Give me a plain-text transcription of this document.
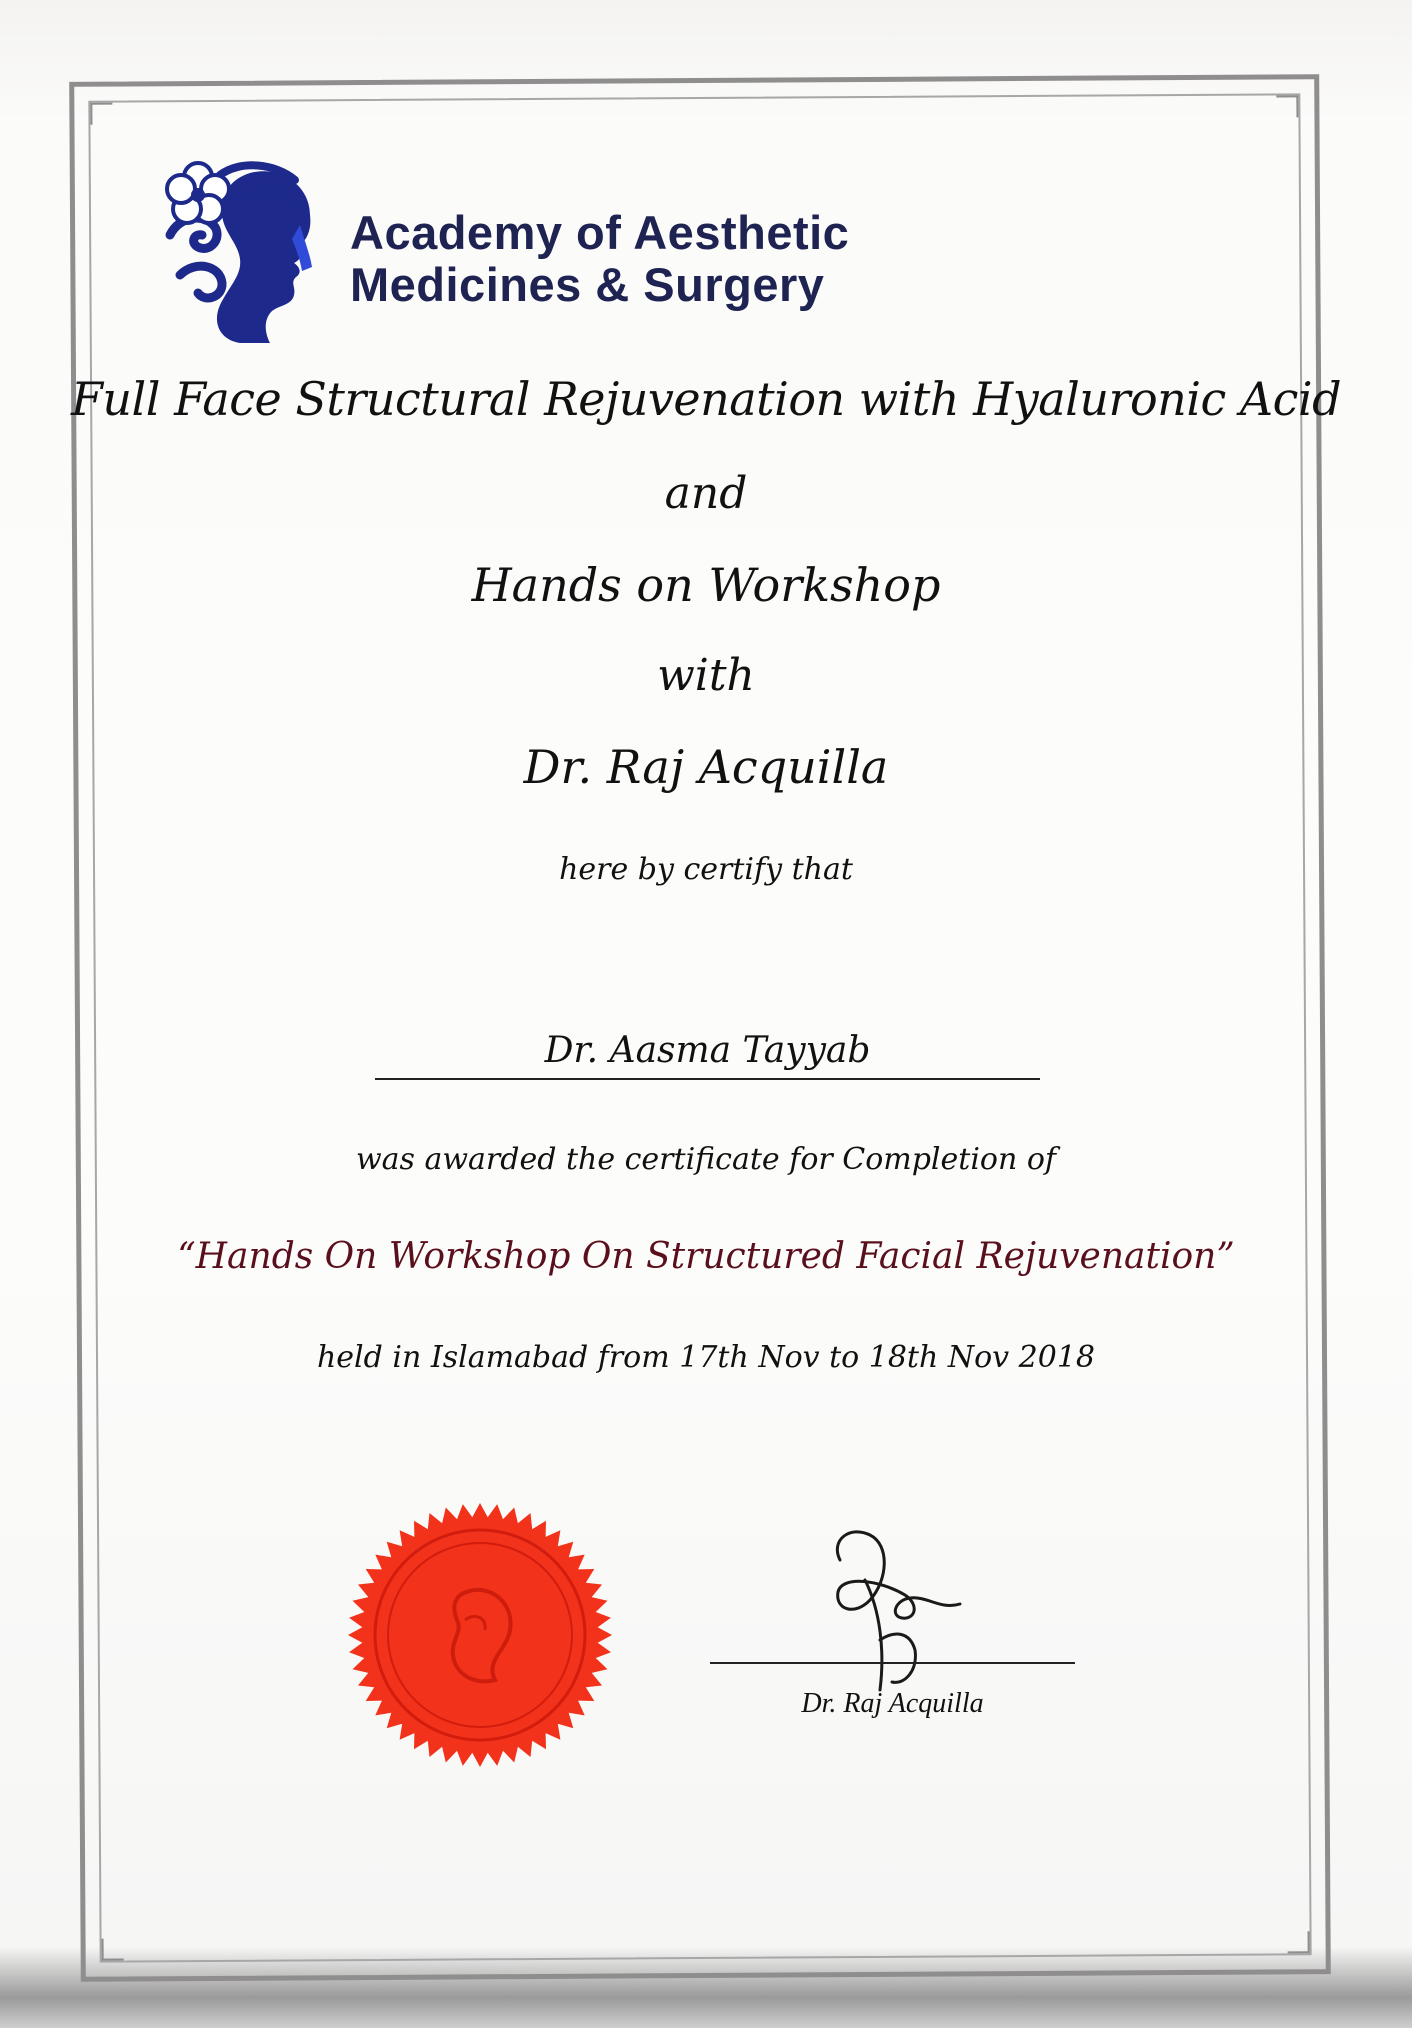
Academy of Aesthetic
Medicines & Surgery
Full Face Structural Rejuvenation with Hyaluronic Acid
and
Hands on Workshop
with
Dr. Raj Acquilla
here by certify that
Dr. Aasma Tayyab
was awarded the certificate for Completion of
“Hands On Workshop On Structured Facial Rejuvenation”
held in Islamabad from 17th Nov to 18th Nov 2018
Dr. Raj Acquilla
